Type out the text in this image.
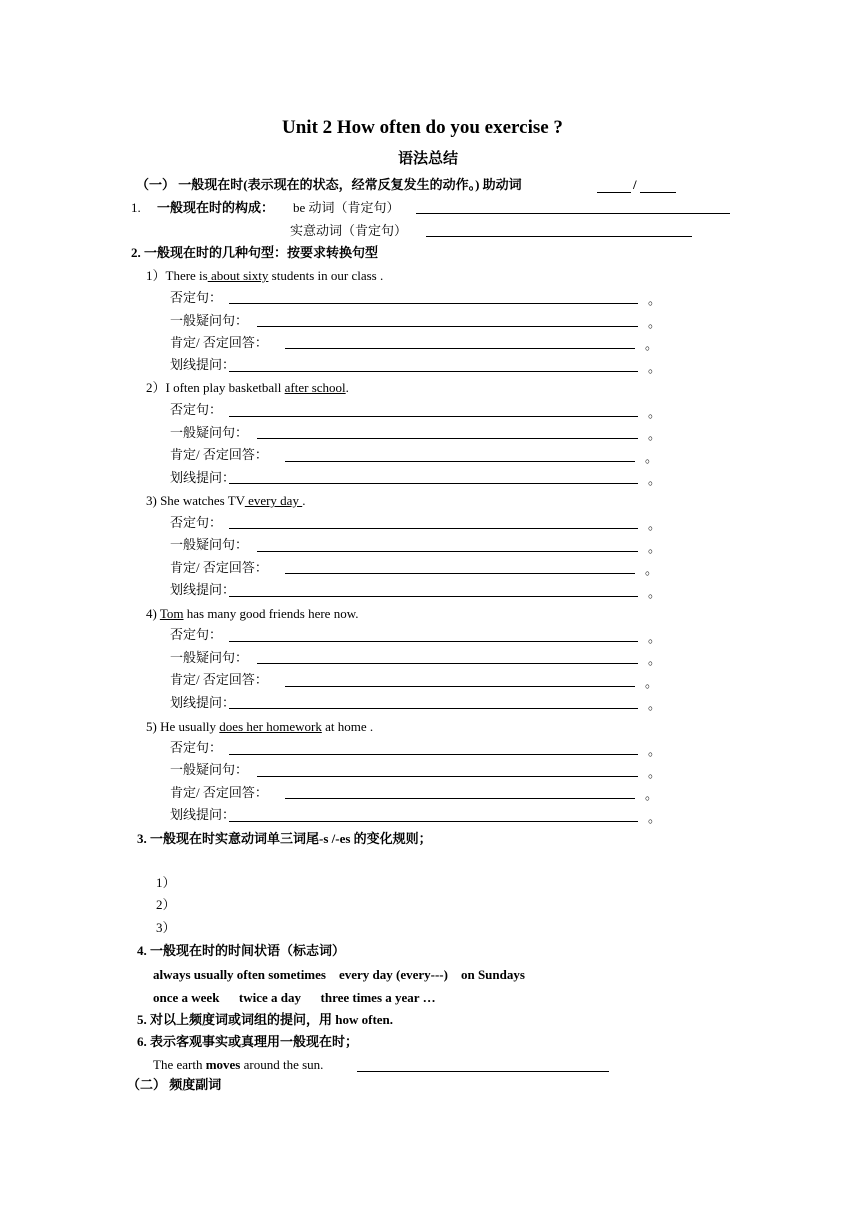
Unit 2 How often do you exercise ?
语法总结
（一） 一般现在时(表示现在的状态，经常反复发生的动作。) 助动词	/
1. 一般现在时的构成： be 动词（肯定句）
实意动词（肯定句）
2. 一般现在时的几种句型：按要求转换句型
1）There is about sixty students in our class .
否定句：	。
一般疑问句：	。
肯定/ 否定回答：	。
划线提问：	。
2）I often play basketball after school.
否定句：	。
一般疑问句：	。
肯定/ 否定回答：	。
划线提问：	。
3) She watches TV every day .
否定句：	。
一般疑问句：	。
肯定/ 否定回答：	。
划线提问：	。
4) Tom has many good friends here now.
否定句：	。
一般疑问句：	。
肯定/ 否定回答：	。
划线提问：	。
5) He usually does her homework at home .
否定句：	。
一般疑问句：	。
肯定/ 否定回答：	。
划线提问：	。
3. 一般现在时实意动词单三词尾-s /-es 的变化规则；
1）
2）
3）
4. 一般现在时的时间状语（标志词）
always usually often sometimes    every day (every---)    on Sundays
once a week      twice a day      three times a year …
5. 对以上频度词或词组的提问，用 how often.
6. 表示客观事实或真理用一般现在时；
The earth moves around the sun.
（二） 频度副词
